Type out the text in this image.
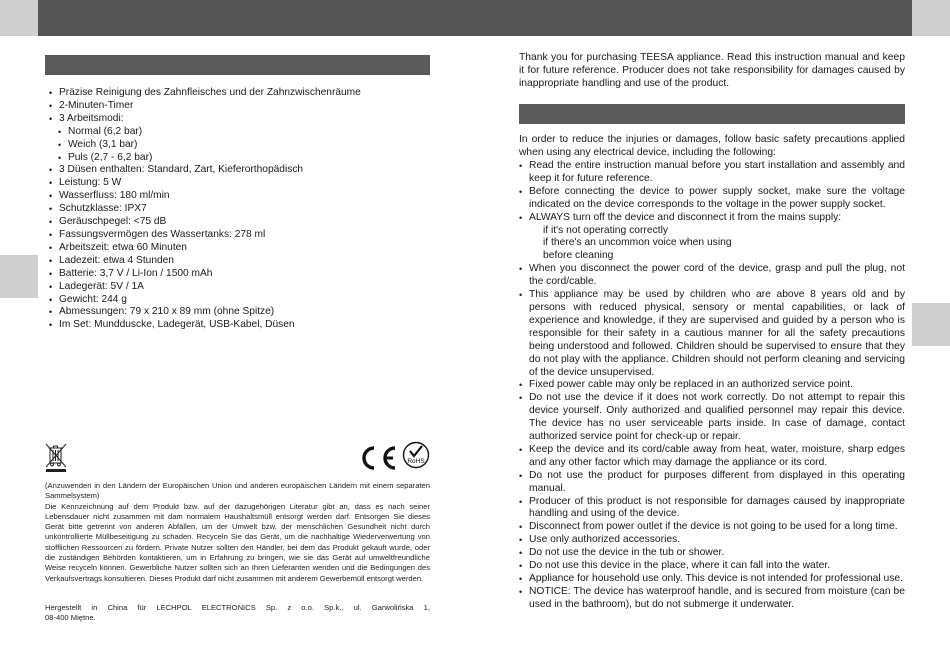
• Präzise Reinigung des Zahnfleisches und der Zahnzwischenräume
• 2-Minuten-Timer
• 3 Arbeitsmodi:
• Normal (6,2 bar)
• Weich (3,1 bar)
• Puls (2,7 - 6,2 bar)
• 3 Düsen enthalten: Standard, Zart, Kieferorthopädisch
• Leistung: 5 W
• Wasserfluss: 180 ml/min
• Schutzklasse: IPX7
• Geräuschpegel: <75 dB
• Fassungsvermögen des Wassertanks: 278 ml
• Arbeitszeit: etwa 60 Minuten
• Ladezeit: etwa 4 Stunden
• Batterie: 3,7 V / Li-Ion / 1500 mAh
• Ladegerät: 5V / 1A
• Gewicht: 244 g
• Abmessungen: 79 x 210 x 89 mm (ohne Spitze)
• Im Set: Mundduscke, Ladegerät, USB-Kabel, Düsen
RoHS

(Anzuwenden in den Ländern der Europäischen Union und anderen europäischen Ländern mit einem separaten Sammelsystem)
Die Kennzeichnung auf dem Produkt bzw. auf der dazugehörigen Literatur gibt an, dass es nach seiner Lebensdauer nicht zusammen mit dam normalem Haushaltsmüll entsorgt werden darf. Entsorgen Sie dieses Gerät bitte getrennt von anderen Abfällen, um der Umwelt bzw. der menschlichen Gesundheit nicht durch unkontrollierte Müllbeseitigung zu schaden. Recyceln Sie das Gerät, um die nachhaltige Wiederverwertung von stofflichen Ressourcen zu fördern. Private Nutzer sollten den Händler, bei dem das Produkt gekauft wurde, oder die zuständigen Behörden kontaktieren, um in Erfahrung zu bringen, wie sie das Gerät auf umweltfreundliche Weise recyceln können. Gewerbliche Nutzer sollten sich an Ihren Lieferanten wenden und die Bedingungen des Verkaufsvertrags konsultieren. Dieses Produkt darf nicht zusammen mit anderem Gewerbemüll entsorgt werden.

Hergestellt in China für LECHPOL ELECTRONICS Sp. z o.o. Sp.k., ul. Garwolińska 1,
08-400 Miętne.

Thank you for purchasing TEESA appliance. Read this instruction manual and keep it for future reference. Producer does not take responsibility for damages caused by inappropriate handling and use of the product.

In order to reduce the injuries or damages, follow basic safety precautions applied when using any electrical device, including the following:

• Read the entire instruction manual before you start installation and assembly and keep it for future reference.
• Before connecting the device to power supply socket, make sure the voltage indicated on the device corresponds to the voltage in the power supply socket.
• ALWAYS turn off the device and disconnect it from the mains supply:
if it's not operating correctly
if there's an uncommon voice when using
before cleaning
• When you disconnect the power cord of the device, grasp and pull the plug, not the cord/cable.
• This appliance may be used by children who are above 8 years old and by persons with reduced physical, sensory or mental capabilities, or lack of experience and knowledge, if they are supervised and guided by a person who is responsible for their safety in a cautious manner for all the safety precautions being understood and followed. Children should be supervised to ensure that they do not play with the appliance. Children should not perform cleaning and servicing of the device unsupervised.
• Fixed power cable may only be replaced in an authorized service point.
• Do not use the device if it does not work correctly. Do not attempt to repair this device yourself. Only authorized and qualified personnel may repair this device. The device has no user serviceable parts inside. In case of damage, contact authorized service point for check-up or repair.
• Keep the device and its cord/cable away from heat, water, moisture, sharp edges and any other factor which may damage the appliance or its cord.
• Do not use the product for purposes different from displayed in this operating manual.
• Producer of this product is not responsible for damages caused by inappropriate handling and using of the device.
• Disconnect from power outlet if the device is not going to be used for a long time.
• Use only authorized accessories.
• Do not use the device in the tub or shower.
• Do not use this device in the place, where it can fall into the water.
• Appliance for household use only. This device is not intended for professional use.
• NOTICE: The device has waterproof handle, and is secured from moisture (can be used in the bathroom), but do not submerge it underwater.
